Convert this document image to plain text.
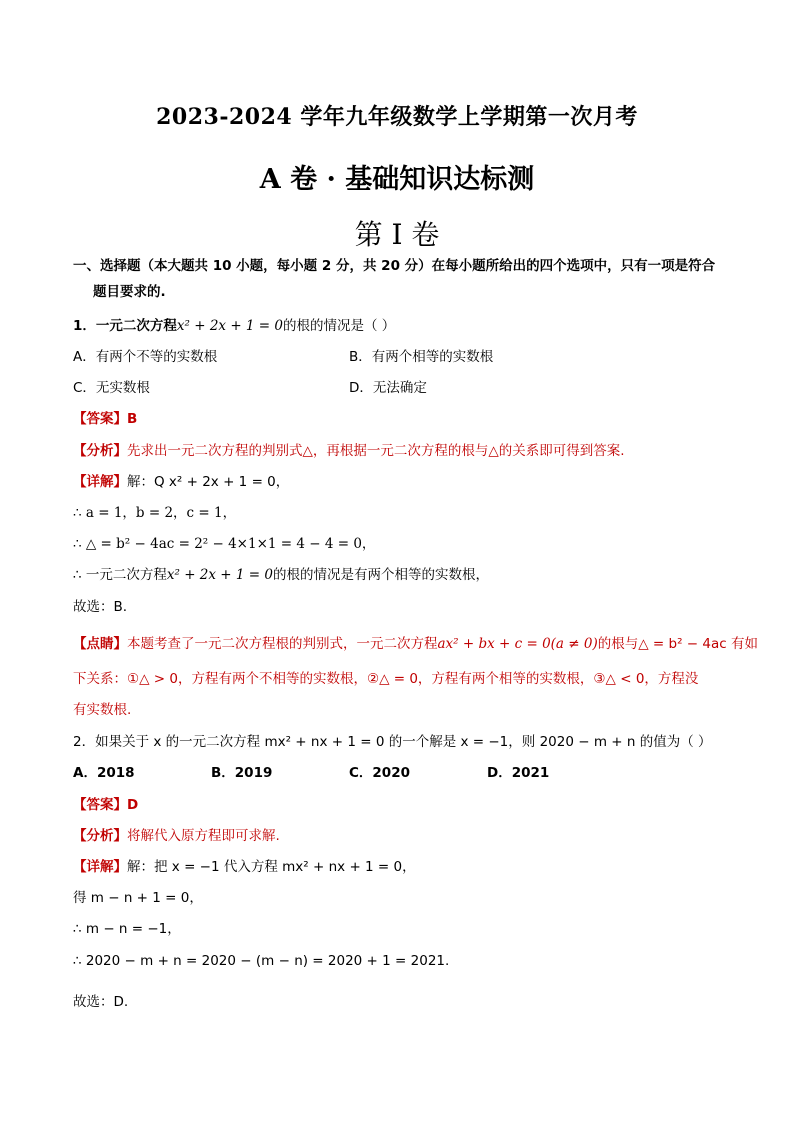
2023-2024 学年九年级数学上学期第一次月考
A 卷 · 基础知识达标测
第 I 卷
一、选择题（本大题共 10 小题，每小题 2 分，共 20 分）在每小题所给出的四个选项中，只有一项是符合
题目要求的.
1．一元二次方程x² + 2x + 1 = 0的根的情况是（ ）
A．有两个不等的实数根	B．有两个相等的实数根
C．无实数根	D．无法确定
【答案】B
【分析】先求出一元二次方程的判别式△，再根据一元二次方程的根与△的关系即可得到答案.
【详解】解：Q x² + 2x + 1 = 0，
∴ a = 1，b = 2，c = 1，
∴ △ = b² − 4ac = 2² − 4×1×1 = 4 − 4 = 0，
∴ 一元二次方程x² + 2x + 1 = 0的根的情况是有两个相等的实数根，
故选：B.
【点睛】本题考查了一元二次方程根的判别式，一元二次方程ax² + bx + c = 0(a ≠ 0)的根与△ = b² − 4ac 有如
下关系：①△ > 0，方程有两个不相等的实数根，②△ = 0，方程有两个相等的实数根，③△ < 0，方程没
有实数根.
2．如果关于 x 的一元二次方程 mx² + nx + 1 = 0 的一个解是 x = −1，则 2020 − m + n 的值为（ ）
A．2018	B．2019	C．2020	D．2021
【答案】D
【分析】将解代入原方程即可求解.
【详解】解：把 x = −1 代入方程 mx² + nx + 1 = 0，
得 m − n + 1 = 0，
∴ m − n = −1，
∴ 2020 − m + n = 2020 − (m − n) = 2020 + 1 = 2021.
故选：D.
